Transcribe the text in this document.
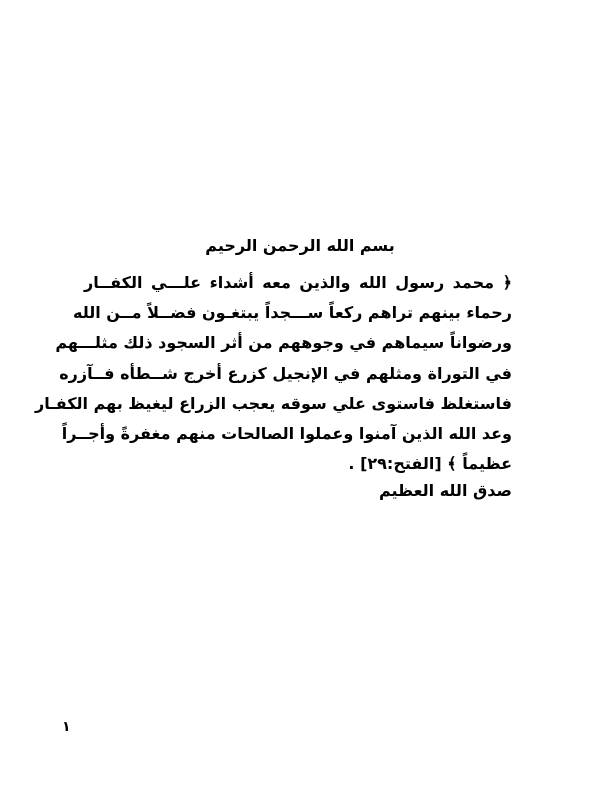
بسم الله الرحمن الرحيم
﴿ محمد رسول الله والذين معه أشداء علـــي الكفــار
رحماء بينهم تراهم ركعاً ســـجداً يبتغـون فضــلاً مــن الله
ورضواناً سيماهم في وجوههم من أثر السجود ذلك مثلـــهم
في التوراة ومثلهم في الإنجيل كزرع أخرج شــطأه فــآزره
فاستغلظ فاستوى علي سوقه يعجب الزراع ليغيظ بهم الكفـار
وعد الله الذين آمنوا وعملوا الصالحات منهم مغفرةً وأجــراً
عظيماً ﴾ [الفتح:٢٩] .
صدق الله العظيم
١
